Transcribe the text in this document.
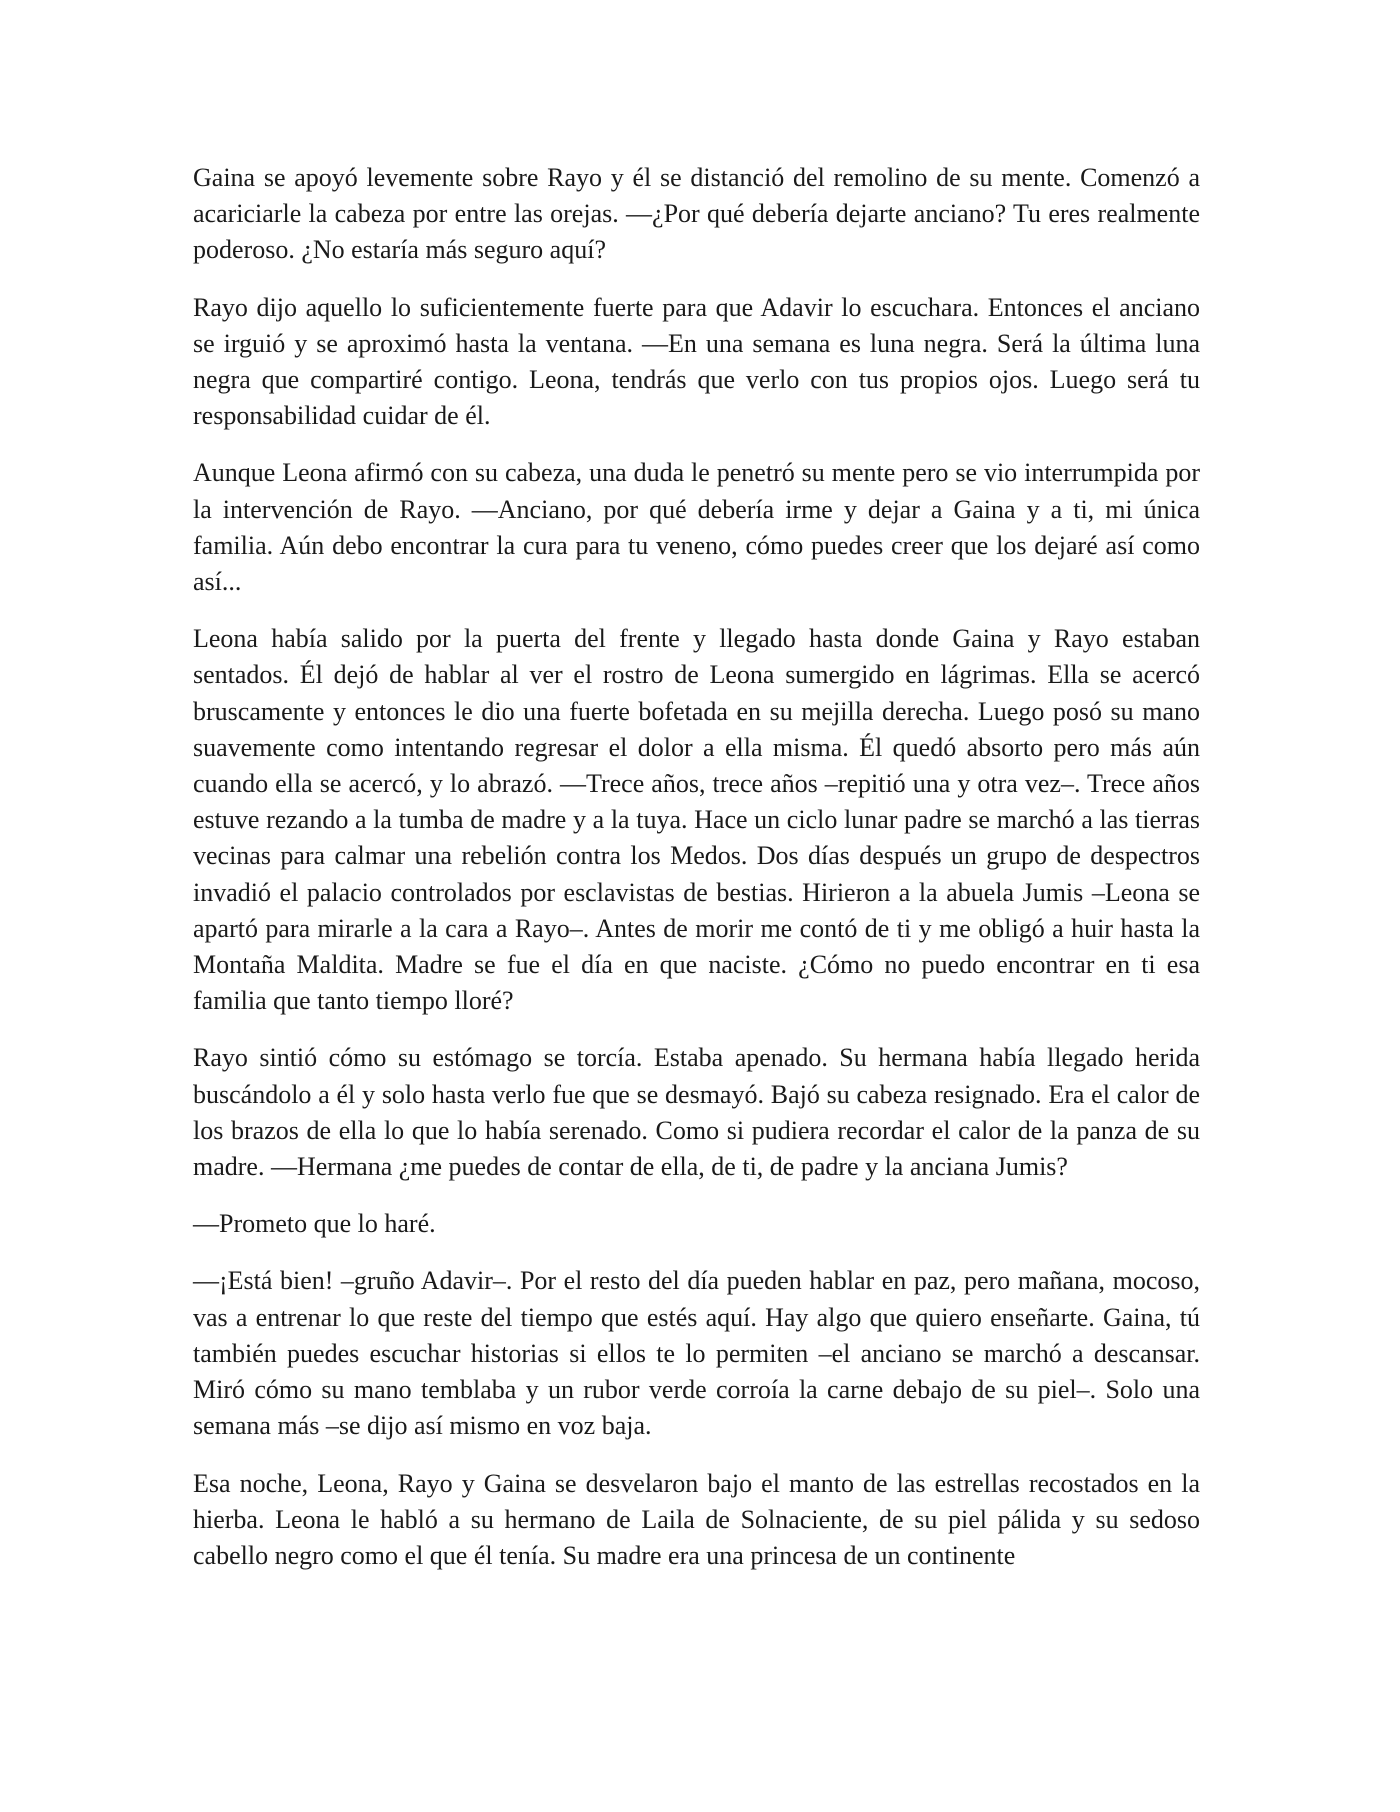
Gaina se apoyó levemente sobre Rayo y él se distanció del remolino de su mente. Comenzó a acariciarle la cabeza por entre las orejas. —¿Por qué debería dejarte anciano? Tu eres realmente poderoso. ¿No estaría más seguro aquí?

Rayo dijo aquello lo suficientemente fuerte para que Adavir lo escuchara. Entonces el anciano se irguió y se aproximó hasta la ventana. —En una semana es luna negra. Será la última luna negra que compartiré contigo. Leona, tendrás que verlo con tus propios ojos. Luego será tu responsabilidad cuidar de él.

Aunque Leona afirmó con su cabeza, una duda le penetró su mente pero se vio interrumpida por la intervención de Rayo. —Anciano, por qué debería irme y dejar a Gaina y a ti, mi única familia. Aún debo encontrar la cura para tu veneno, cómo puedes creer que los dejaré así como así...

Leona había salido por la puerta del frente y llegado hasta donde Gaina y Rayo estaban sentados. Él dejó de hablar al ver el rostro de Leona sumergido en lágrimas. Ella se acercó bruscamente y entonces le dio una fuerte bofetada en su mejilla derecha. Luego posó su mano suavemente como intentando regresar el dolor a ella misma. Él quedó absorto pero más aún cuando ella se acercó, y lo abrazó. —Trece años, trece años –repitió una y otra vez–. Trece años estuve rezando a la tumba de madre y a la tuya. Hace un ciclo lunar padre se marchó a las tierras vecinas para calmar una rebelión contra los Medos. Dos días después un grupo de despectros invadió el palacio controlados por esclavistas de bestias. Hirieron a la abuela Jumis –Leona se apartó para mirarle a la cara a Rayo–. Antes de morir me contó de ti y me obligó a huir hasta la Montaña Maldita. Madre se fue el día en que naciste. ¿Cómo no puedo encontrar en ti esa familia que tanto tiempo lloré?

Rayo sintió cómo su estómago se torcía. Estaba apenado. Su hermana había llegado herida buscándolo a él y solo hasta verlo fue que se desmayó. Bajó su cabeza resignado. Era el calor de los brazos de ella lo que lo había serenado. Como si pudiera recordar el calor de la panza de su madre. —Hermana ¿me puedes de contar de ella, de ti, de padre y la anciana Jumis?

—Prometo que lo haré.

—¡Está bien! –gruño Adavir–. Por el resto del día pueden hablar en paz, pero mañana, mocoso, vas a entrenar lo que reste del tiempo que estés aquí. Hay algo que quiero enseñarte. Gaina, tú también puedes escuchar historias si ellos te lo permiten –el anciano se marchó a descansar. Miró cómo su mano temblaba y un rubor verde corroía la carne debajo de su piel–. Solo una semana más –se dijo así mismo en voz baja.

Esa noche, Leona, Rayo y Gaina se desvelaron bajo el manto de las estrellas recostados en la hierba. Leona le habló a su hermano de Laila de Solnaciente, de su piel pálida y su sedoso cabello negro como el que él tenía. Su madre era una princesa de un continente
